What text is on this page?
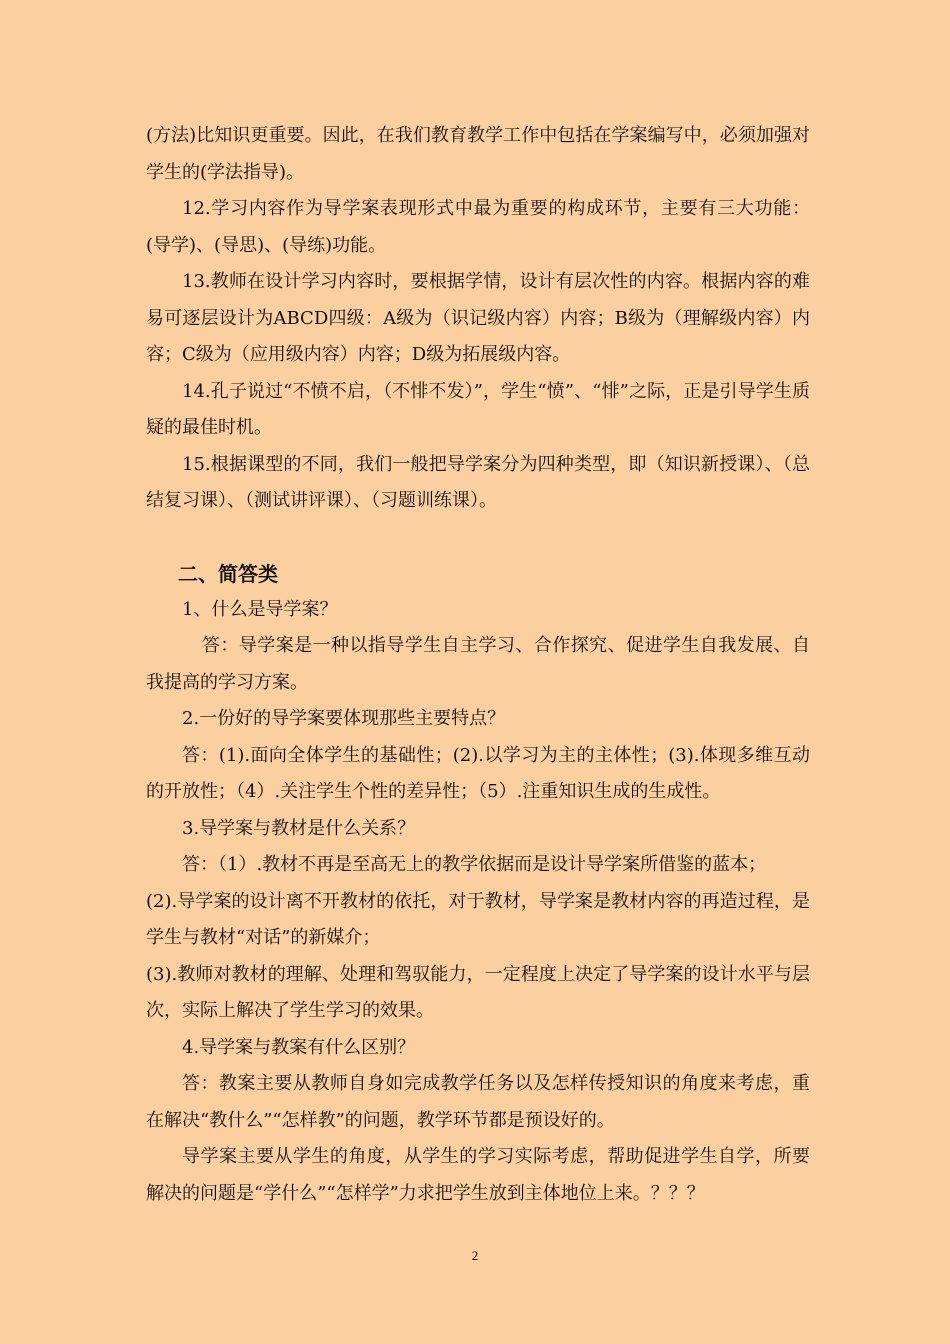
(方法)比知识更重要。因此，在我们教育教学工作中包括在学案编写中，必须加强对学生的(学法指导)。

12.学习内容作为导学案表现形式中最为重要的构成环节，主要有三大功能：(导学)、(导思)、(导练)功能。

13.教师在设计学习内容时，要根据学情，设计有层次性的内容。根据内容的难易可逐层设计为ABCD四级：A级为（识记级内容）内容；B级为（理解级内容）内容；C级为（应用级内容）内容；D级为拓展级内容。

14.孔子说过“不愤不启，（不悱不发）”，学生“愤”、“悱”之际，正是引导学生质疑的最佳时机。

15.根据课型的不同，我们一般把导学案分为四种类型，即（知识新授课）、（总结复习课）、（测试讲评课）、（习题训练课）。

二、简答类

1、什么是导学案？

答：导学案是一种以指导学生自主学习、合作探究、促进学生自我发展、自我提高的学习方案。

2.一份好的导学案要体现那些主要特点？

答：(1).面向全体学生的基础性；(2).以学习为主的主体性；(3).体现多维互动的开放性；（4）.关注学生个性的差异性；（5）.注重知识生成的生成性。

3.导学案与教材是什么关系？

答：（1）.教材不再是至高无上的教学依据而是设计导学案所借鉴的蓝本；

(2).导学案的设计离不开教材的依托，对于教材，导学案是教材内容的再造过程，是学生与教材“对话”的新媒介；

(3).教师对教材的理解、处理和驾驭能力，一定程度上决定了导学案的设计水平与层次，实际上解决了学生学习的效果。

4.导学案与教案有什么区别？

答：教案主要从教师自身如完成教学任务以及怎样传授知识的角度来考虑，重在解决“教什么”“怎样教”的问题，教学环节都是预设好的。

导学案主要从学生的角度，从学生的学习实际考虑，帮助促进学生自学，所要解决的问题是“学什么”“怎样学”力求把学生放到主体地位上来。？？？

2
